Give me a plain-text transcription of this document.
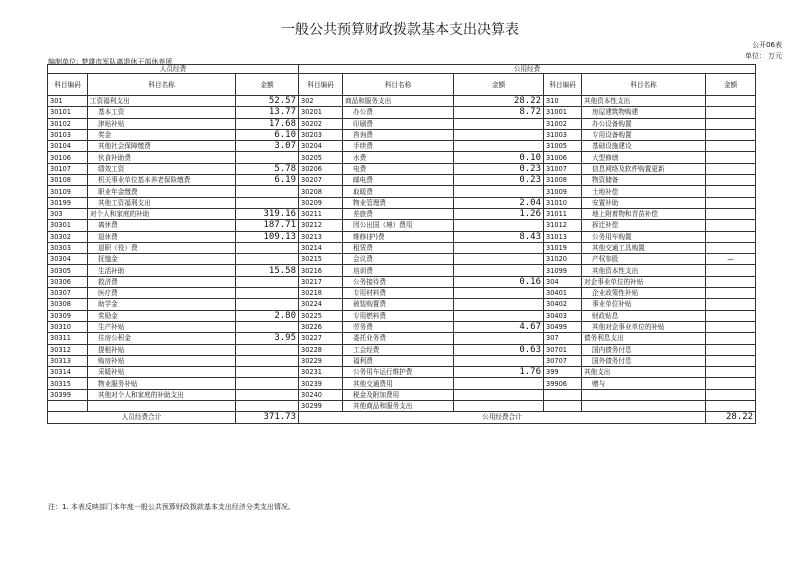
一般公共预算财政拨款基本支出决算表
公开06表
单位： 万元
编制单位: 楚雄市军队离退休干部休养所
人员经费			公用经费					
科目编码	科目名称	金额	科目编码	科目名称	金额	科目编码	科目名称	金额
301	工资福利支出	52.57	302	商品和服务支出	28.22	310	其他资本性支出	
30101	基本工资	13.77	30201	办公费	8.72	31001	房屋建筑物购建	
30102	津贴补贴	17.68	30202	印刷费		31002	办公设备购置	
30103	奖金	6.10	30203	咨询费		31003	专用设备购置	
30104	其他社会保障缴费	3.07	30204	手续费		31005	基础设施建设	
30106	伙食补助费		30205	水费	0.10	31006	大型修缮	
30107	绩效工资	5.78	30206	电费	0.23	31007	信息网络及软件购置更新	
30108	机关事业单位基本养老保险缴费	6.19	30207	邮电费	0.23	31008	物资储备	
30109	职业年金缴费		30208	取暖费		31009	土地补偿	
30199	其他工资福利支出		30209	物业管理费	2.04	31010	安置补助	
303	对个人和家庭的补助	319.16	30211	差旅费	1.26	31011	地上附着物和青苗补偿	
30301	离休费	187.71	30212	因公出国（境）费用		31012	拆迁补偿	
30302	退休费	109.13	30213	维修(护)费	8.43	31013	公务用车购置	
30303	退职（役）费		30214	租赁费		31019	其他交通工具购置	
30304	抚恤金		30215	会议费		31020	产权参股	—
30305	生活补助	15.58	30216	培训费		31099	其他资本性支出	
30306	救济费		30217	公务接待费	0.16	304	对企事业单位的补贴	
30307	医疗费		30218	专用材料费		30401	企业政策性补贴	
30308	助学金		30224	被装购置费		30402	事业单位补贴	
30309	奖励金	2.80	30225	专用燃料费		30403	财政贴息	
30310	生产补贴		30226	劳务费	4.67	30499	其他对企事业单位的补贴	
30311	住房公积金	3.95	30227	委托业务费		307	债务利息支出	
30312	提租补贴		30228	工会经费	0.63	30701	国内债务付息	
30313	购房补贴		30229	福利费		30707	国外债务付息	
30314	采暖补贴		30231	公务用车运行维护费	1.76	399	其他支出	
30315	物业服务补贴		30239	其他交通费用		39906	赠与	
30399	其他对个人和家庭的补助支出		30240	税金及附加费用				
			30299	其他商品和服务支出				
人员经费合计		371.73	公用经费合计					28.22
注：1. 本表反映部门本年度一般公共预算财政拨款基本支出经济分类支出情况。
